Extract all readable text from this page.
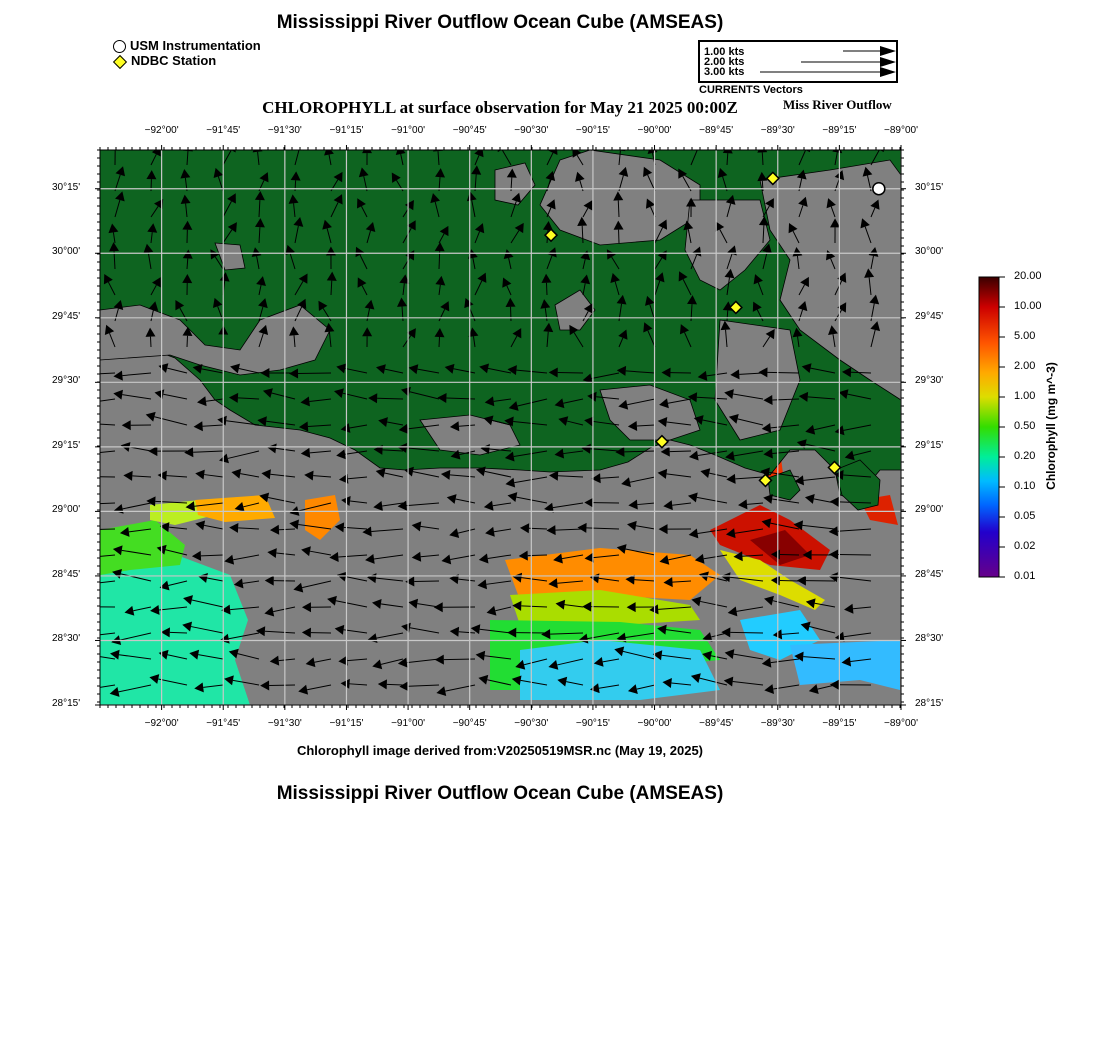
Mississippi River Outflow Ocean Cube (AMSEAS)
CHLOROPHYLL at surface observation for May 21 2025 00:00Z	Miss River Outflow
USM Instrumentation
NDBC Station
1.00 kts
2.00 kts
3.00 kts
CURRENTS Vectors
−92°00'
−92°00'
−91°45'
−91°45'
−91°30'
−91°30'
−91°15'
−91°15'
−91°00'
−91°00'
−90°45'
−90°45'
−90°30'
−90°30'
−90°15'
−90°15'
−90°00'
−90°00'
−89°45'
−89°45'
−89°30'
−89°30'
−89°15'
−89°15'
−89°00'
−89°00'
30°15'	30°15'
30°00'	30°00'
29°45'	29°45'
29°30'	29°30'
29°15'	29°15'
29°00'	29°00'
28°45'	28°45'
28°30'	28°30'
28°15'	28°15'
20.00
10.00
5.00
2.00
1.00
0.50
0.20
0.10
0.05
0.02
0.01
Chlorophyll (mg m^-3)
Chlorophyll image derived from:V20250519MSR.nc (May 19, 2025)
Mississippi River Outflow Ocean Cube (AMSEAS)
